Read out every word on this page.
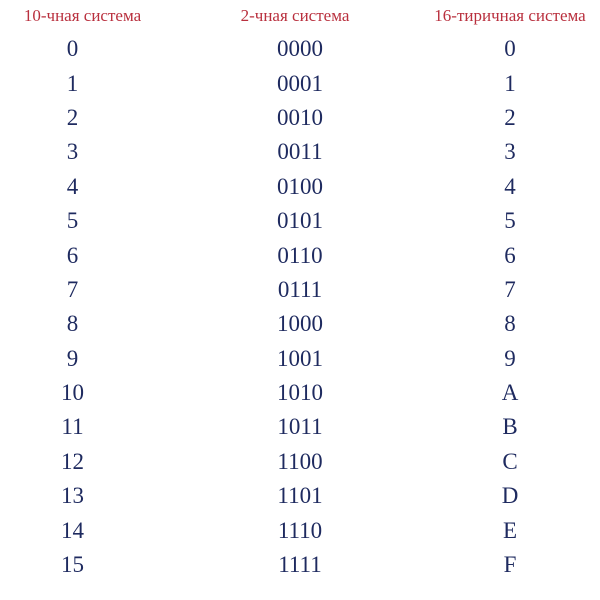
10-чная система	2-чная система	16-тиричная система
0	0000	0
1	0001	1
2	0010	2
3	0011	3
4	0100	4
5	0101	5
6	0110	6
7	0111	7
8	1000	8
9	1001	9
10	1010	A
11	1011	B
12	1100	C
13	1101	D
14	1110	E
15	1111	F
